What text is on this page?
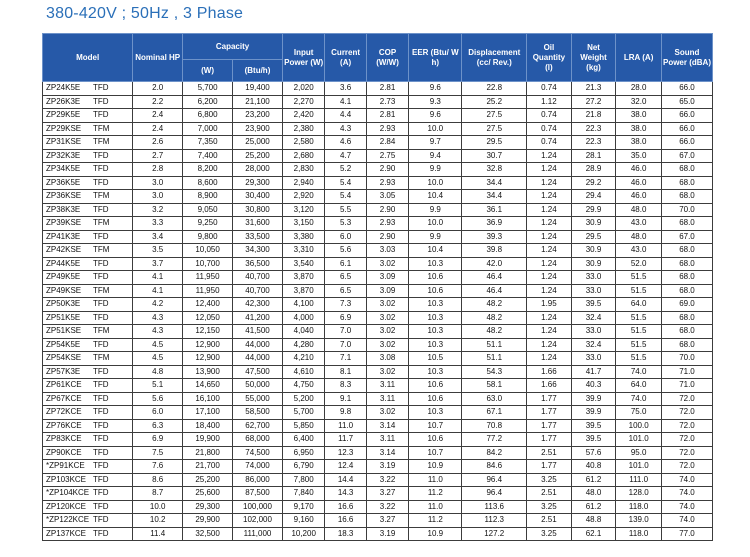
380-420V ; 50Hz , 3 Phase
Model	Nominal HP	Capacity		Input Power (W)	Current (A)	COP (W/W)	EER (Btu/ W h)	Displacement (cc/ Rev.)	Oil Quantity (l)	Net Weight (kg)	LRA (A)	Sound Power (dBA)
		(W)	(Btu/h)									
ZP24K5E TFD	2.0	5,700	19,400	2,020	3.6	2.81	9.6	22.8	0.74	21.3	28.0	66.0
ZP26K3E TFD	2.2	6,200	21,100	2,270	4.1	2.73	9.3	25.2	1.12	27.2	32.0	65.0
ZP29K5E TFD	2.4	6,800	23,200	2,420	4.4	2.81	9.6	27.5	0.74	21.8	38.0	66.0
ZP29KSE TFM	2.4	7,000	23,900	2,380	4.3	2.93	10.0	27.5	0.74	22.3	38.0	66.0
ZP31KSE TFM	2.6	7,350	25,000	2,580	4.6	2.84	9.7	29.5	0.74	22.3	38.0	66.0
ZP32K3E TFD	2.7	7,400	25,200	2,680	4.7	2.75	9.4	30.7	1.24	28.1	35.0	67.0
ZP34K5E TFD	2.8	8,200	28,000	2,830	5.2	2.90	9.9	32.8	1.24	28.9	46.0	68.0
ZP36K5E TFD	3.0	8,600	29,300	2,940	5.4	2.93	10.0	34.4	1.24	29.2	46.0	68.0
ZP36KSE TFM	3.0	8,900	30,400	2,920	5.4	3.05	10.4	34.4	1.24	29.4	46.0	68.0
ZP38K3E TFD	3.2	9,050	30,800	3,120	5.5	2.90	9.9	36.1	1.24	29.9	48.0	70.0
ZP39KSE TFM	3.3	9,250	31,600	3,150	5.3	2.93	10.0	36.9	1.24	30.9	43.0	68.0
ZP41K3E TFD	3.4	9,800	33,500	3,380	6.0	2.90	9.9	39.3	1.24	29.5	48.0	67.0
ZP42KSE TFM	3.5	10,050	34,300	3,310	5.6	3.03	10.4	39.8	1.24	30.9	43.0	68.0
ZP44K5E TFD	3.7	10,700	36,500	3,540	6.1	3.02	10.3	42.0	1.24	30.9	52.0	68.0
ZP49K5E TFD	4.1	11,950	40,700	3,870	6.5	3.09	10.6	46.4	1.24	33.0	51.5	68.0
ZP49KSE TFM	4.1	11,950	40,700	3,870	6.5	3.09	10.6	46.4	1.24	33.0	51.5	68.0
ZP50K3E TFD	4.2	12,400	42,300	4,100	7.3	3.02	10.3	48.2	1.95	39.5	64.0	69.0
ZP51K5E TFD	4.3	12,050	41,200	4,000	6.9	3.02	10.3	48.2	1.24	32.4	51.5	68.0
ZP51KSE TFM	4.3	12,150	41,500	4,040	7.0	3.02	10.3	48.2	1.24	33.0	51.5	68.0
ZP54K5E TFD	4.5	12,900	44,000	4,280	7.0	3.02	10.3	51.1	1.24	32.4	51.5	68.0
ZP54KSE TFM	4.5	12,900	44,000	4,210	7.1	3.08	10.5	51.1	1.24	33.0	51.5	70.0
ZP57K3E TFD	4.8	13,900	47,500	4,610	8.1	3.02	10.3	54.3	1.66	41.7	74.0	71.0
ZP61KCE TFD	5.1	14,650	50,000	4,750	8.3	3.11	10.6	58.1	1.66	40.3	64.0	71.0
ZP67KCE TFD	5.6	16,100	55,000	5,200	9.1	3.11	10.6	63.0	1.77	39.9	74.0	72.0
ZP72KCE TFD	6.0	17,100	58,500	5,700	9.8	3.02	10.3	67.1	1.77	39.9	75.0	72.0
ZP76KCE TFD	6.3	18,400	62,700	5,850	11.0	3.14	10.7	70.8	1.77	39.5	100.0	72.0
ZP83KCE TFD	6.9	19,900	68,000	6,400	11.7	3.11	10.6	77.2	1.77	39.5	101.0	72.0
ZP90KCE TFD	7.5	21,800	74,500	6,950	12.3	3.14	10.7	84.2	2.51	57.6	95.0	72.0
*ZP91KCE TFD	7.6	21,700	74,000	6,790	12.4	3.19	10.9	84.6	1.77	40.8	101.0	72.0
ZP103KCE TFD	8.6	25,200	86,000	7,800	14.4	3.22	11.0	96.4	3.25	61.2	111.0	74.0
*ZP104KCE TFD	8.7	25,600	87,500	7,840	14.3	3.27	11.2	96.4	2.51	48.0	128.0	74.0
ZP120KCE TFD	10.0	29,300	100,000	9,170	16.6	3.22	11.0	113.6	3.25	61.2	118.0	74.0
*ZP122KCE TFD	10.2	29,900	102,000	9,160	16.6	3.27	11.2	112.3	2.51	48.8	139.0	74.0
ZP137KCE TFD	11.4	32,500	111,000	10,200	18.3	3.19	10.9	127.2	3.25	62.1	118.0	77.0
